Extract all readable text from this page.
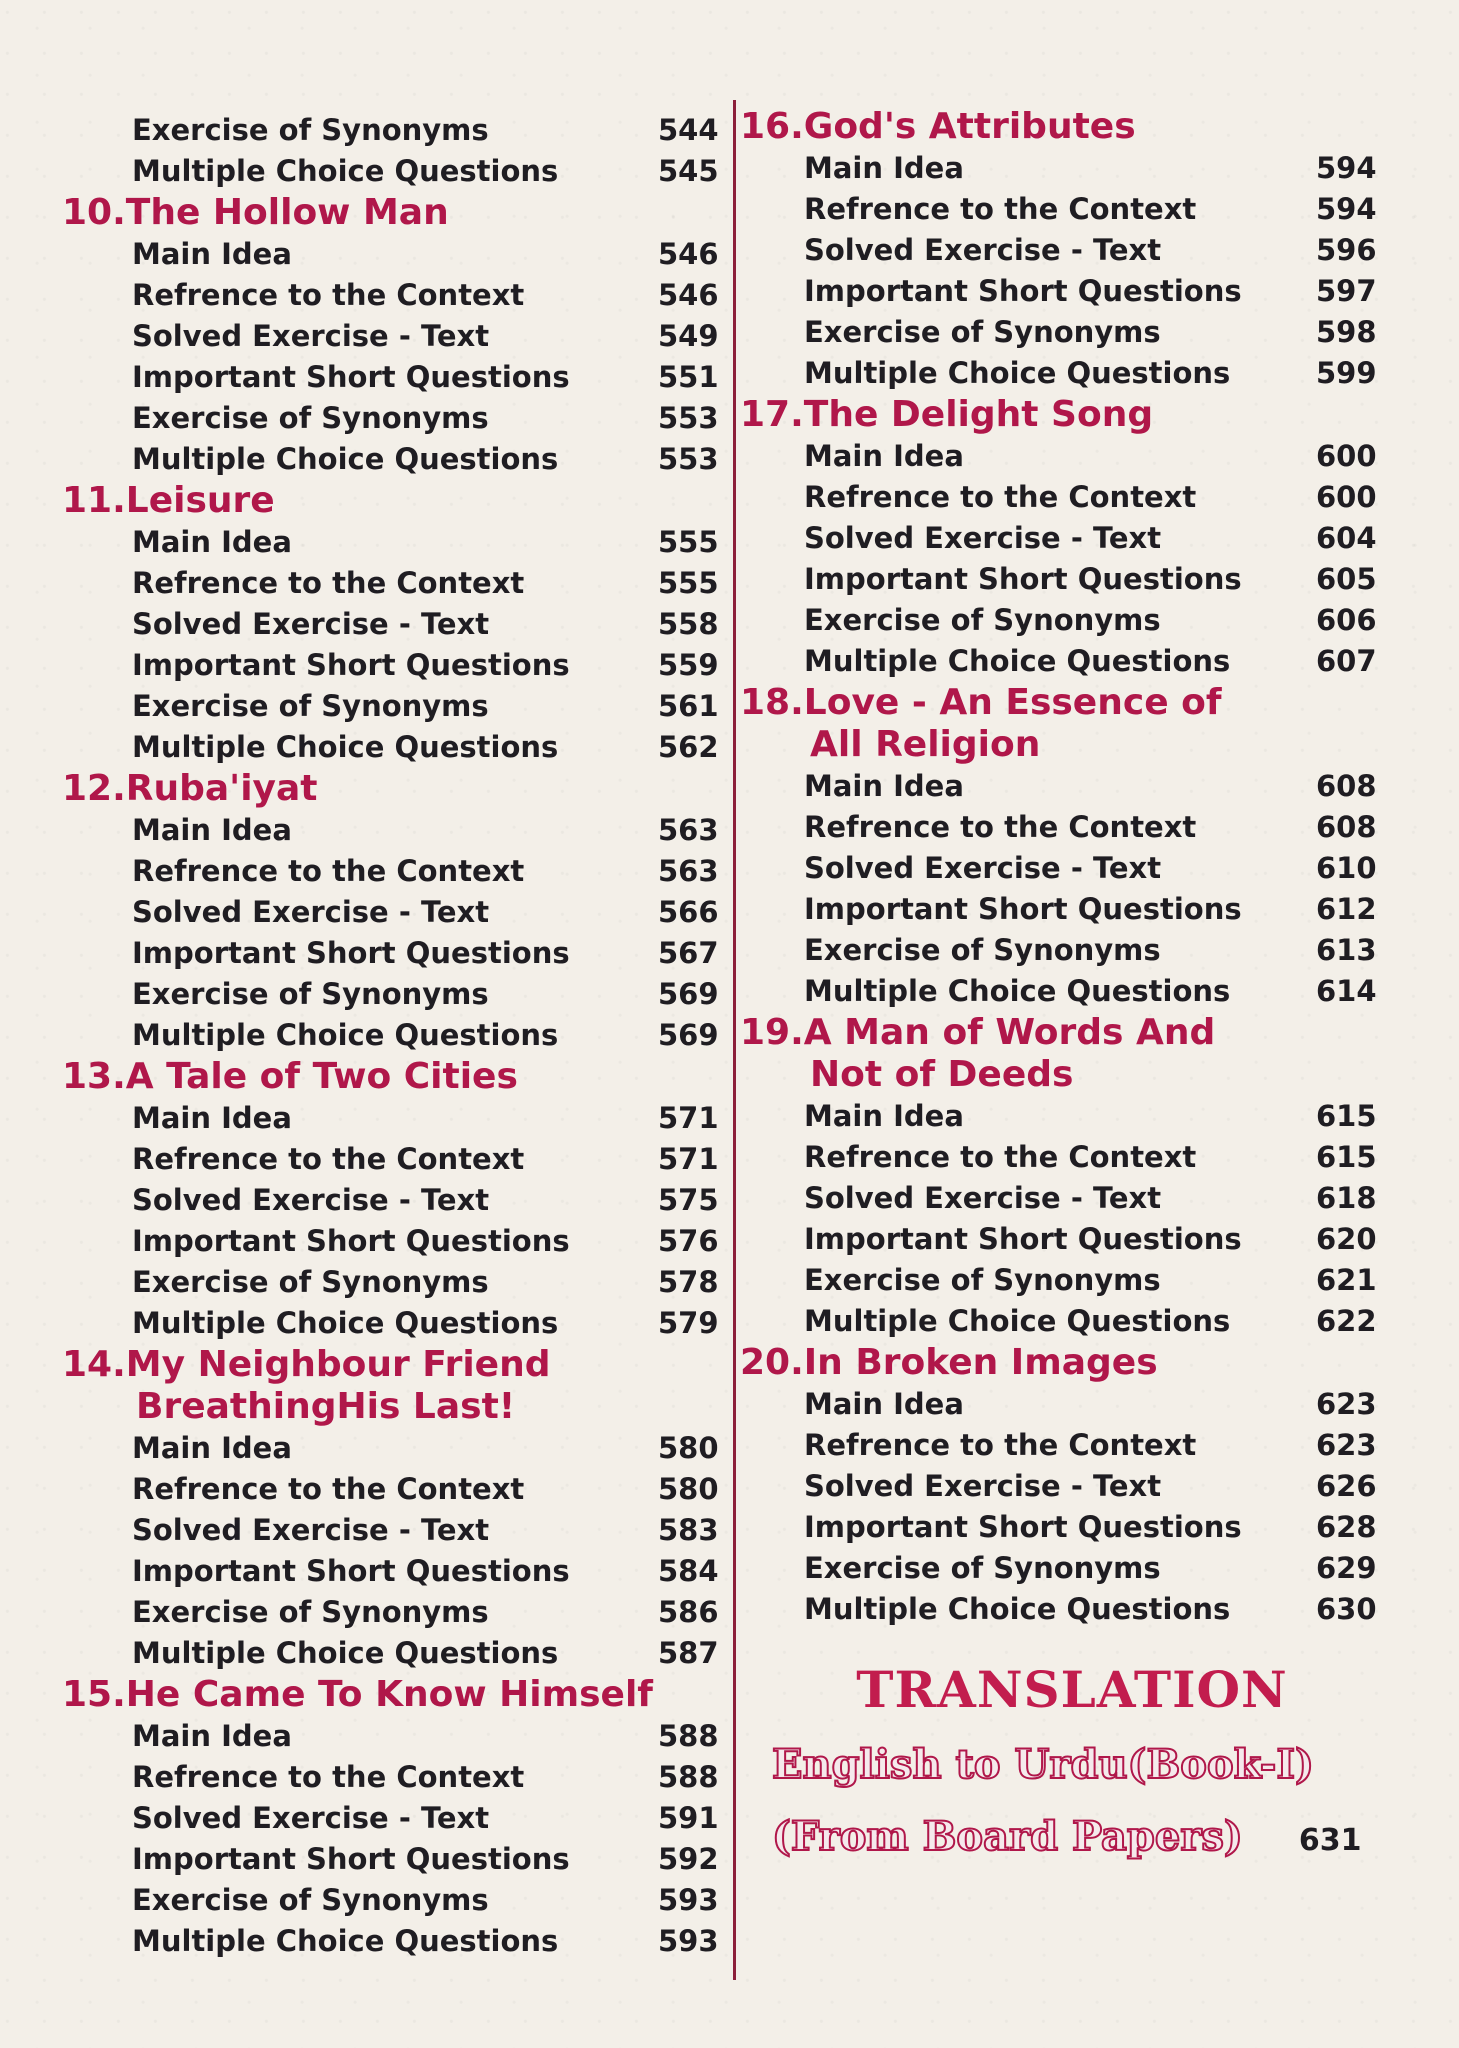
Exercise of Synonyms	544
Multiple Choice Questions	545
10.The Hollow Man
Main Idea	546
Refrence to the Context	546
Solved Exercise - Text	549
Important Short Questions	551
Exercise of Synonyms	553
Multiple Choice Questions	553
11.Leisure
Main Idea	555
Refrence to the Context	555
Solved Exercise - Text	558
Important Short Questions	559
Exercise of Synonyms	561
Multiple Choice Questions	562
12.Ruba'iyat
Main Idea	563
Refrence to the Context	563
Solved Exercise - Text	566
Important Short Questions	567
Exercise of Synonyms	569
Multiple Choice Questions	569
13.A Tale of Two Cities
Main Idea	571
Refrence to the Context	571
Solved Exercise - Text	575
Important Short Questions	576
Exercise of Synonyms	578
Multiple Choice Questions	579
14.My Neighbour Friend
BreathingHis Last!
Main Idea	580
Refrence to the Context	580
Solved Exercise - Text	583
Important Short Questions	584
Exercise of Synonyms	586
Multiple Choice Questions	587
15.He Came To Know Himself
Main Idea	588
Refrence to the Context	588
Solved Exercise - Text	591
Important Short Questions	592
Exercise of Synonyms	593
Multiple Choice Questions	593
16.God's Attributes
Main Idea	594
Refrence to the Context	594
Solved Exercise - Text	596
Important Short Questions	597
Exercise of Synonyms	598
Multiple Choice Questions	599
17.The Delight Song
Main Idea	600
Refrence to the Context	600
Solved Exercise - Text	604
Important Short Questions	605
Exercise of Synonyms	606
Multiple Choice Questions	607
18.Love - An Essence of
All Religion
Main Idea	608
Refrence to the Context	608
Solved Exercise - Text	610
Important Short Questions	612
Exercise of Synonyms	613
Multiple Choice Questions	614
19.A Man of Words And
Not of Deeds
Main Idea	615
Refrence to the Context	615
Solved Exercise - Text	618
Important Short Questions	620
Exercise of Synonyms	621
Multiple Choice Questions	622
20.In Broken Images
Main Idea	623
Refrence to the Context	623
Solved Exercise - Text	626
Important Short Questions	628
Exercise of Synonyms	629
Multiple Choice Questions	630
TRANSLATION
English to Urdu(Book-I)
(From Board Papers) 631
